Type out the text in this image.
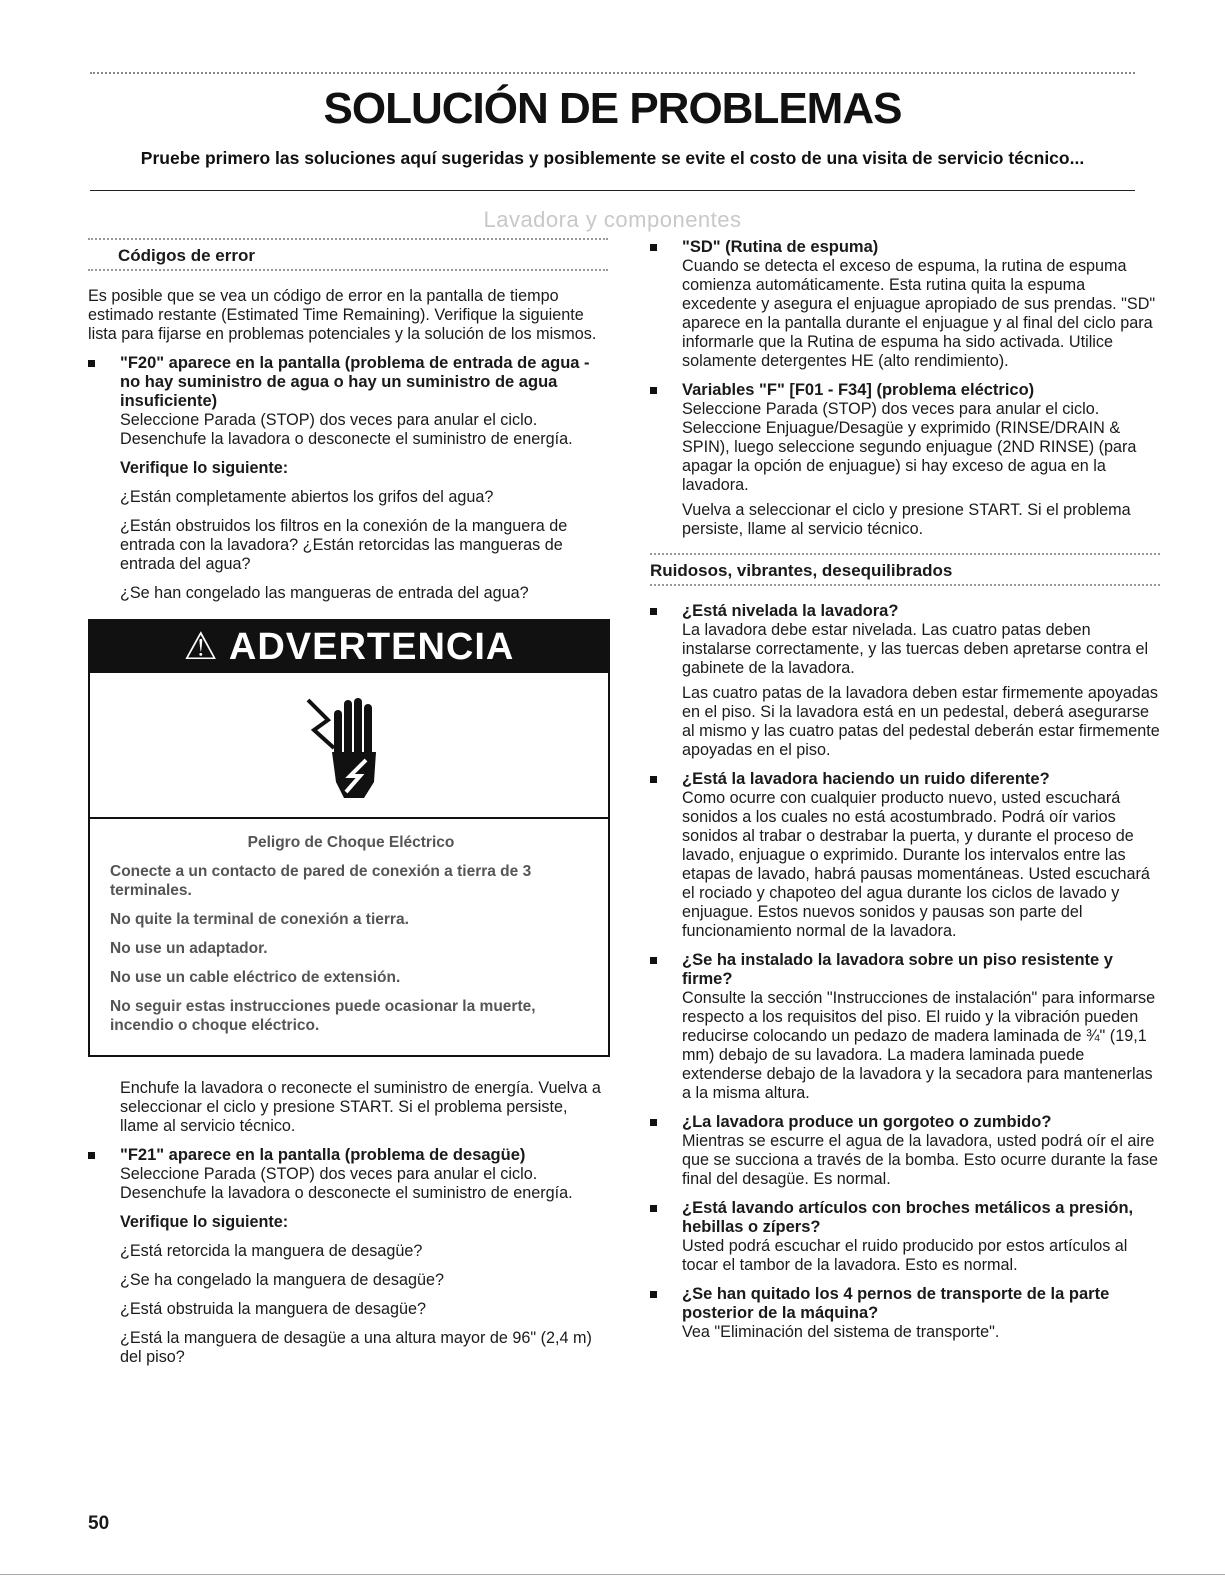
SOLUCIÓN DE PROBLEMAS
Pruebe primero las soluciones aquí sugeridas y posiblemente se evite el costo de una visita de servicio técnico...
Lavadora y componentes
Códigos de error
Es posible que se vea un código de error en la pantalla de tiempo estimado restante (Estimated Time Remaining). Verifique la siguiente lista para fijarse en problemas potenciales y la solución de los mismos.
"F20" aparece en la pantalla (problema de entrada de agua - no hay suministro de agua o hay un suministro de agua insuficiente)
Seleccione Parada (STOP) dos veces para anular el ciclo. Desenchufe la lavadora o desconecte el suministro de energía.
Verifique lo siguiente:
¿Están completamente abiertos los grifos del agua?
¿Están obstruidos los filtros en la conexión de la manguera de entrada con la lavadora? ¿Están retorcidas las mangueras de entrada del agua?
¿Se han congelado las mangueras de entrada del agua?
⚠ ADVERTENCIA
Peligro de Choque Eléctrico
Conecte a un contacto de pared de conexión a tierra de 3 terminales.
No quite la terminal de conexión a tierra.
No use un adaptador.
No use un cable eléctrico de extensión.
No seguir estas instrucciones puede ocasionar la muerte, incendio o choque eléctrico.
Enchufe la lavadora o reconecte el suministro de energía. Vuelva a seleccionar el ciclo y presione START. Si el problema persiste, llame al servicio técnico.
"F21" aparece en la pantalla (problema de desagüe)
Seleccione Parada (STOP) dos veces para anular el ciclo. Desenchufe la lavadora o desconecte el suministro de energía.
Verifique lo siguiente:
¿Está retorcida la manguera de desagüe?
¿Se ha congelado la manguera de desagüe?
¿Está obstruida la manguera de desagüe?
¿Está la manguera de desagüe a una altura mayor de 96" (2,4 m) del piso?
"SD" (Rutina de espuma)
Cuando se detecta el exceso de espuma, la rutina de espuma comienza automáticamente. Esta rutina quita la espuma excedente y asegura el enjuague apropiado de sus prendas. "SD" aparece en la pantalla durante el enjuague y al final del ciclo para informarle que la Rutina de espuma ha sido activada. Utilice solamente detergentes HE (alto rendimiento).
Variables "F" [F01 - F34] (problema eléctrico)
Seleccione Parada (STOP) dos veces para anular el ciclo. Seleccione Enjuague/Desagüe y exprimido (RINSE/DRAIN & SPIN), luego seleccione segundo enjuague (2ND RINSE) (para apagar la opción de enjuague) si hay exceso de agua en la lavadora.
Vuelva a seleccionar el ciclo y presione START. Si el problema persiste, llame al servicio técnico.
Ruidosos, vibrantes, desequilibrados
¿Está nivelada la lavadora?
La lavadora debe estar nivelada. Las cuatro patas deben instalarse correctamente, y las tuercas deben apretarse contra el gabinete de la lavadora.
Las cuatro patas de la lavadora deben estar firmemente apoyadas en el piso. Si la lavadora está en un pedestal, deberá asegurarse al mismo y las cuatro patas del pedestal deberán estar firmemente apoyadas en el piso.
¿Está la lavadora haciendo un ruido diferente?
Como ocurre con cualquier producto nuevo, usted escuchará sonidos a los cuales no está acostumbrado. Podrá oír varios sonidos al trabar o destrabar la puerta, y durante el proceso de lavado, enjuague o exprimido. Durante los intervalos entre las etapas de lavado, habrá pausas momentáneas. Usted escuchará el rociado y chapoteo del agua durante los ciclos de lavado y enjuague. Estos nuevos sonidos y pausas son parte del funcionamiento normal de la lavadora.
¿Se ha instalado la lavadora sobre un piso resistente y firme?
Consulte la sección "Instrucciones de instalación" para informarse respecto a los requisitos del piso. El ruido y la vibración pueden reducirse colocando un pedazo de madera laminada de ¾" (19,1 mm) debajo de su lavadora. La madera laminada puede extenderse debajo de la lavadora y la secadora para mantenerlas a la misma altura.
¿La lavadora produce un gorgoteo o zumbido?
Mientras se escurre el agua de la lavadora, usted podrá oír el aire que se succiona a través de la bomba. Esto ocurre durante la fase final del desagüe. Es normal.
¿Está lavando artículos con broches metálicos a presión, hebillas o zípers?
Usted podrá escuchar el ruido producido por estos artículos al tocar el tambor de la lavadora. Esto es normal.
¿Se han quitado los 4 pernos de transporte de la parte posterior de la máquina?
Vea "Eliminación del sistema de transporte".
50
